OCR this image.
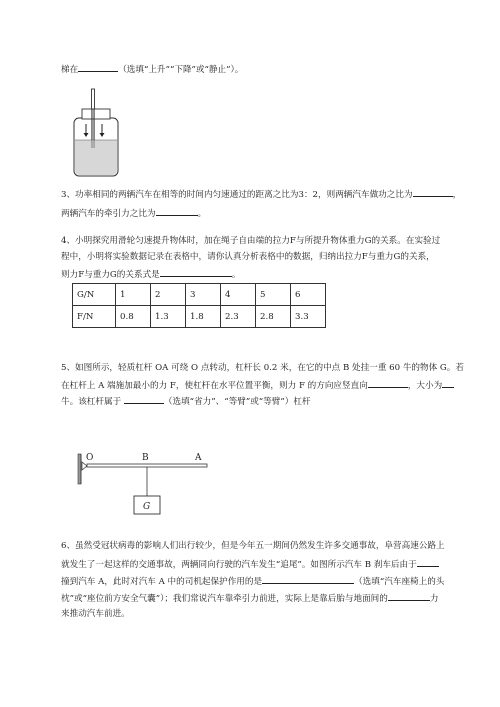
梯在	（选填“上升”“下降”或“静止”）。
3、功率相同的两辆汽车在相等的时间内匀速通过的距离之比为3：2，则两辆汽车做功之比为	，
两辆汽车的牵引力之比为	。
4、小明探究用滑轮匀速提升物体时，加在绳子自由端的拉力F与所提升物体重力G的关系。在实验过
程中，小明将实验数据记录在表格中，请你认真分析表格中的数据，归纳出拉力F与重力G的关系，
则力F与重力G的关系式是	。
G/N	1	2	3	4	5	6
F/N	0.8	1.3	1.8	2.3	2.8	3.3
5、如图所示，轻质杠杆 OA 可绕 O 点转动，杠杆长 0.2 米，在它的中点 B 处挂一重 60 牛的物体 G。若
在杠杆上 A 端施加最小的力 F，使杠杆在水平位置平衡，则力 F 的方向应竖直向	，大小为
牛。该杠杆属于	（选填“省力”、“等臂”或“等臂”）杠杆
O	B	A
G
6、虽然受冠状病毒的影响人们出行较少，但是今年五一期间仍然发生许多交通事故，阜营高速公路上
就发生了一起这样的交通事故，两辆同向行驶的汽车发生“追尾”。如图所示汽车 B 刹车后由于
撞到汽车 A，此时对汽车 A 中的司机起保护作用的是	（选填“汽车座椅上的头
枕”或“座位前方安全气囊”）；我们常说汽车靠牵引力前进，实际上是靠后胎与地面间的	力
来推动汽车前进。
